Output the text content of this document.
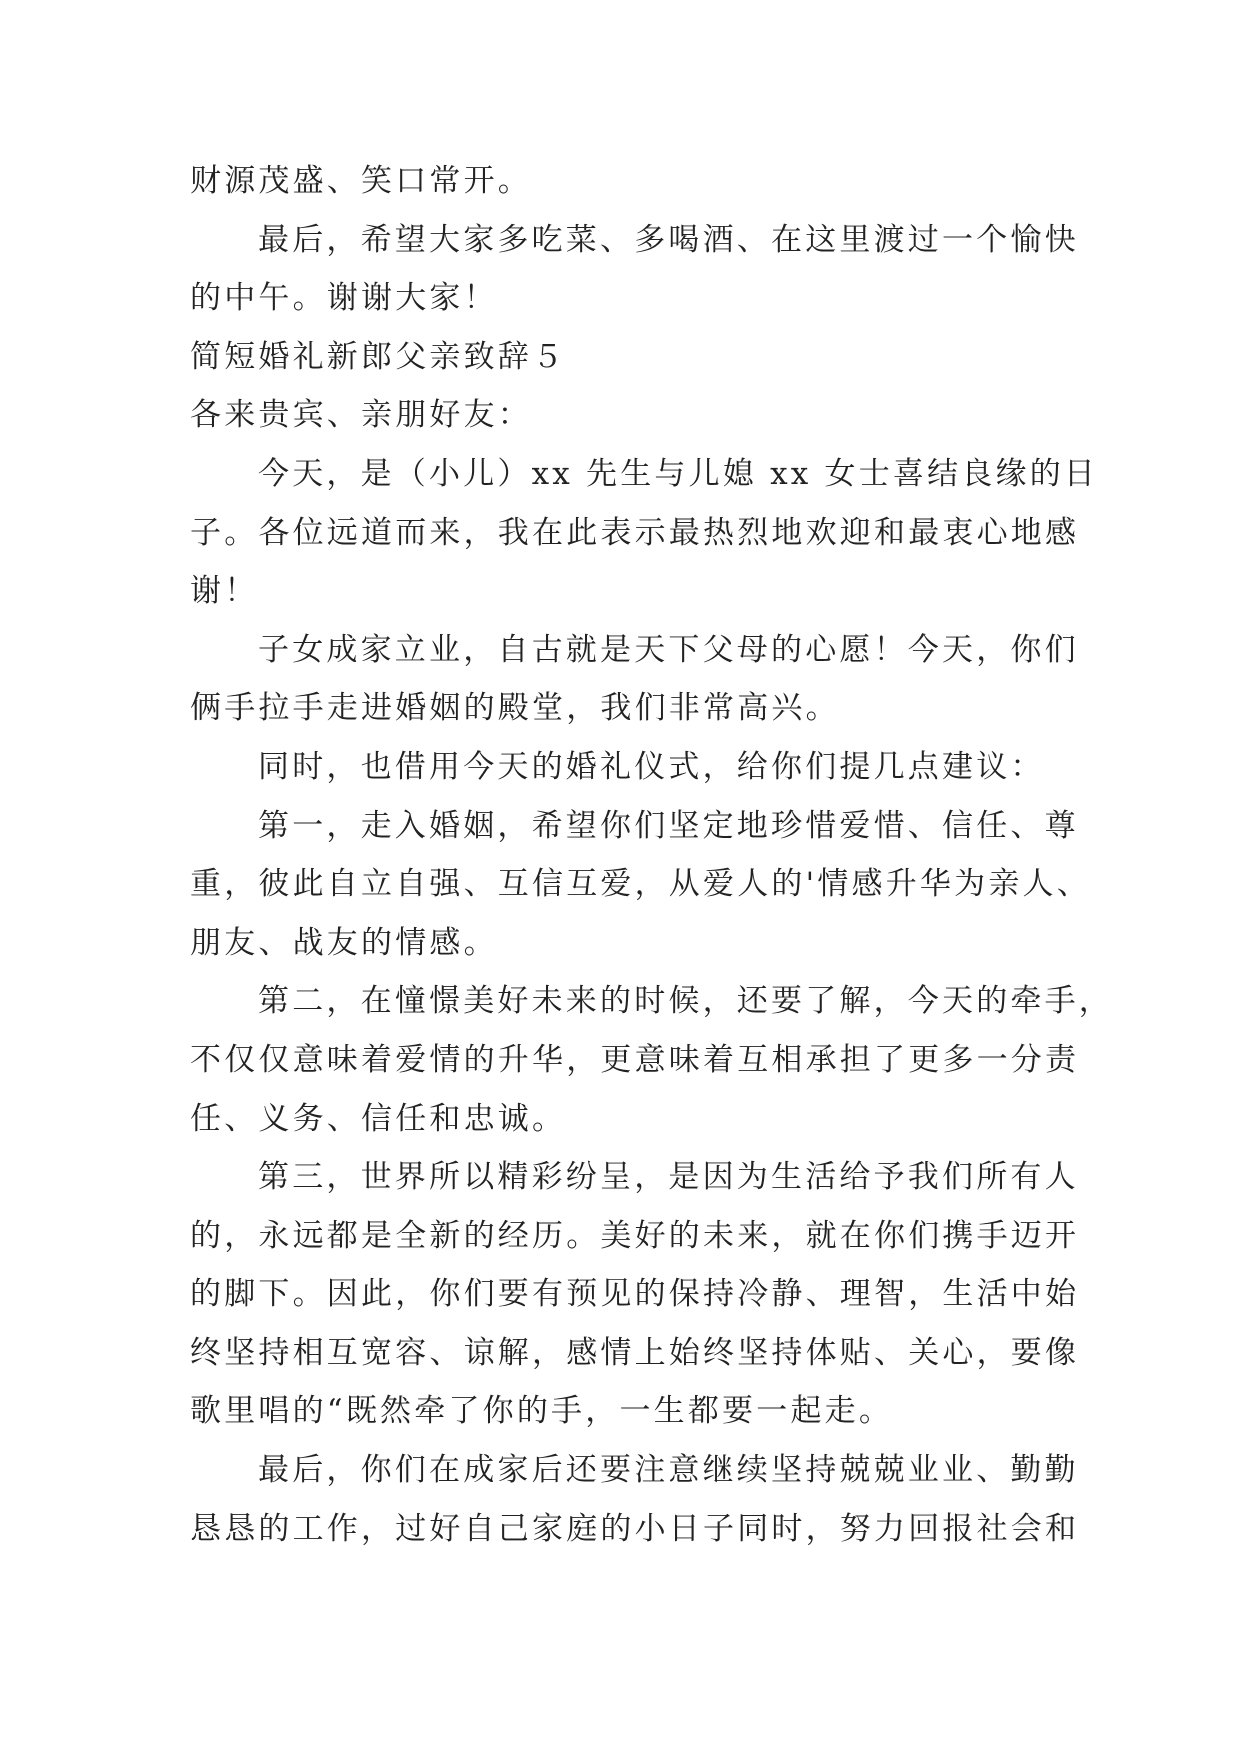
财源茂盛、笑口常开。

最后，希望大家多吃菜、多喝酒、在这里渡过一个愉快
的中午。谢谢大家！

简短婚礼新郎父亲致辞５

各来贵宾、亲朋好友：

今天，是（小儿）xx 先生与儿媳 xx 女士喜结良缘的日
子。各位远道而来，我在此表示最热烈地欢迎和最衷心地感
谢！

子女成家立业，自古就是天下父母的心愿！今天，你们
俩手拉手走进婚姻的殿堂，我们非常高兴。

同时，也借用今天的婚礼仪式，给你们提几点建议：

第一，走入婚姻，希望你们坚定地珍惜爱惜、信任、尊
重，彼此自立自强、互信互爱，从爱人的'情感升华为亲人、
朋友、战友的情感。

第二，在憧憬美好未来的时候，还要了解，今天的牵手，
不仅仅意味着爱情的升华，更意味着互相承担了更多一分责
任、义务、信任和忠诚。

第三，世界所以精彩纷呈，是因为生活给予我们所有人
的，永远都是全新的经历。美好的未来，就在你们携手迈开
的脚下。因此，你们要有预见的保持冷静、理智，生活中始
终坚持相互宽容、谅解，感情上始终坚持体贴、关心，要像
歌里唱的“既然牵了你的手，一生都要一起走。

最后，你们在成家后还要注意继续坚持兢兢业业、勤勤
恳恳的工作，过好自己家庭的小日子同时，努力回报社会和
